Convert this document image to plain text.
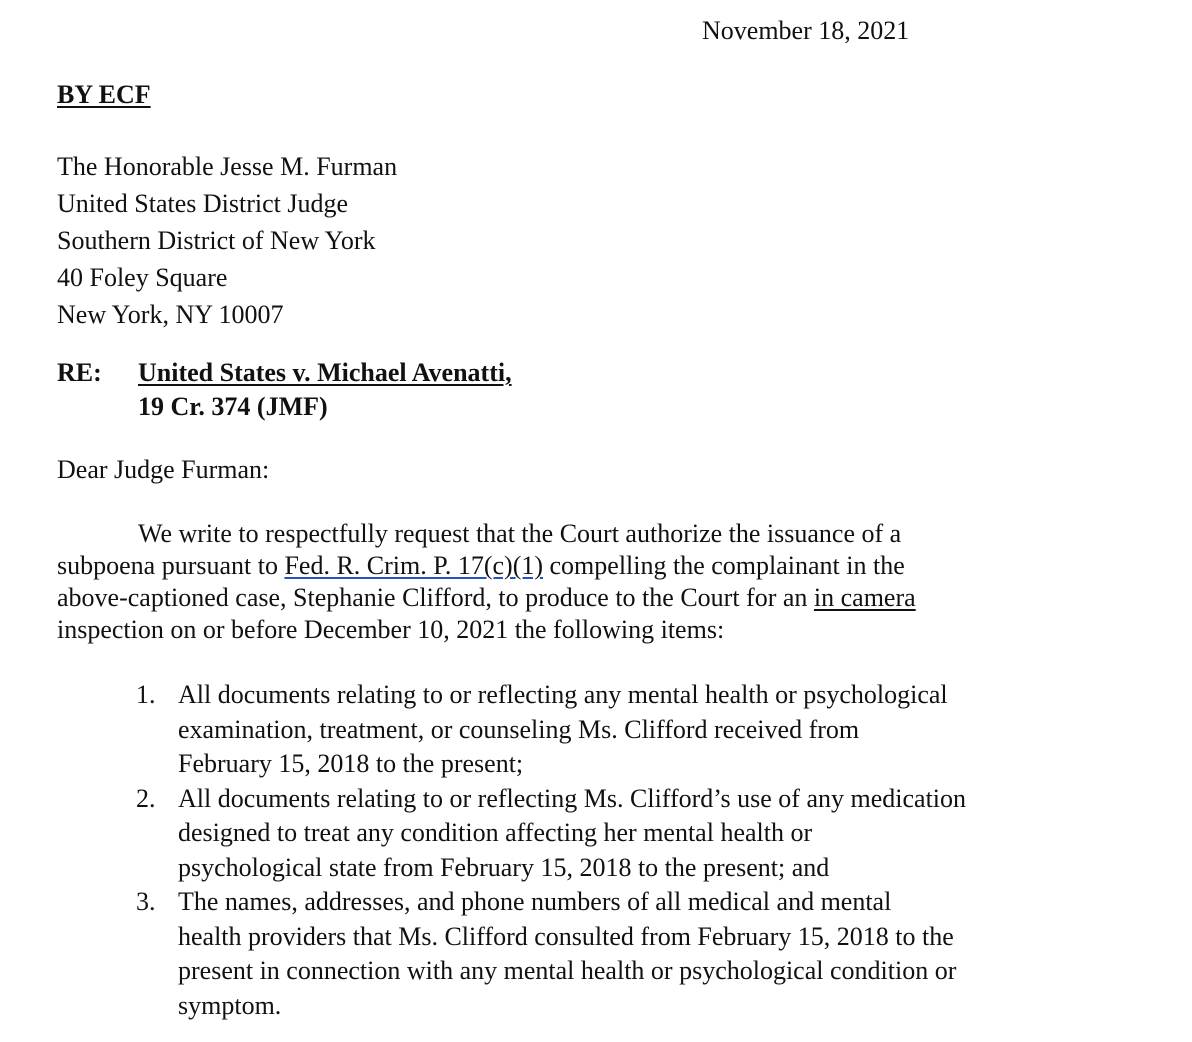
November 18, 2021
BY ECF
The Honorable Jesse M. Furman
United States District Judge
Southern District of New York
40 Foley Square
New York, NY 10007
RE: United States v. Michael Avenatti,
19 Cr. 374 (JMF)
Dear Judge Furman:
We write to respectfully request that the Court authorize the issuance of a
subpoena pursuant to Fed. R. Crim. P. 17(c)(1) compelling the complainant in the
above-captioned case, Stephanie Clifford, to produce to the Court for an in camera
inspection on or before December 10, 2021 the following items:
1. All documents relating to or reflecting any mental health or psychological
examination, treatment, or counseling Ms. Clifford received from
February 15, 2018 to the present;
2. All documents relating to or reflecting Ms. Clifford’s use of any medication
designed to treat any condition affecting her mental health or
psychological state from February 15, 2018 to the present; and
3. The names, addresses, and phone numbers of all medical and mental
health providers that Ms. Clifford consulted from February 15, 2018 to the
present in connection with any mental health or psychological condition or
symptom.
